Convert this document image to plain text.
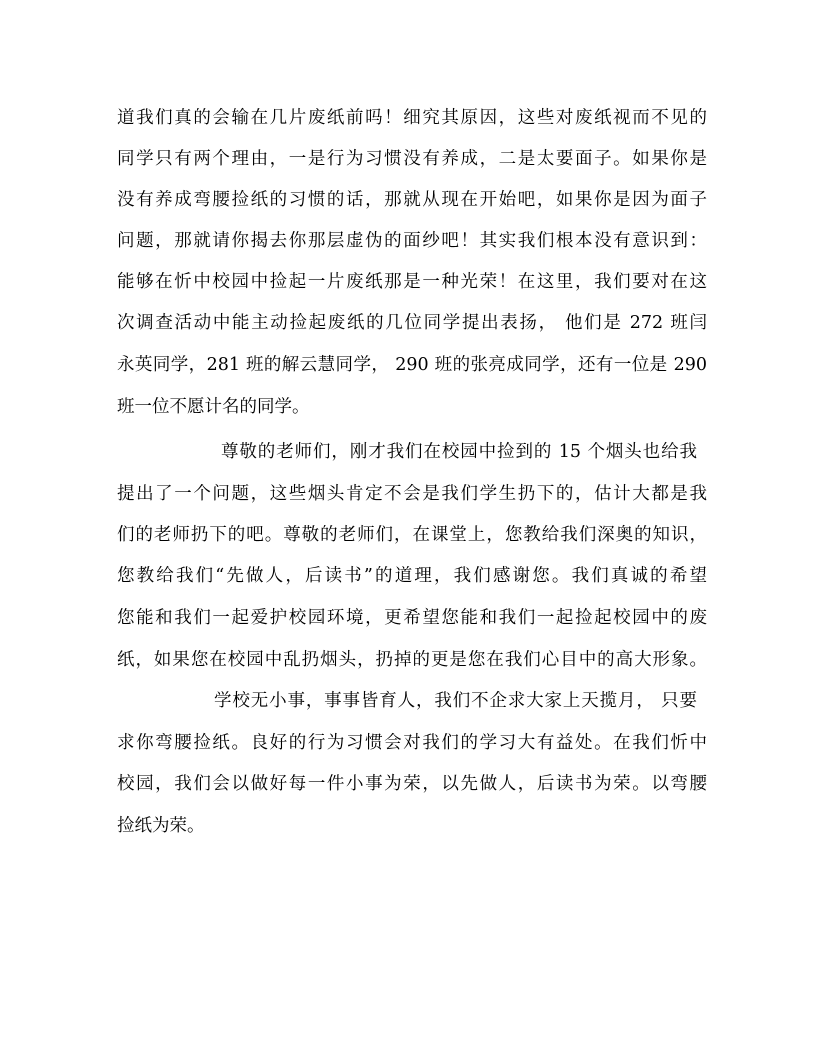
道我们真的会输在几片废纸前吗！细究其原因，这些对废纸视而不见的
同学只有两个理由，一是行为习惯没有养成，二是太要面子。如果你是
没有养成弯腰捡纸的习惯的话，那就从现在开始吧，如果你是因为面子
问题，那就请你揭去你那层虚伪的面纱吧！其实我们根本没有意识到：
能够在忻中校园中捡起一片废纸那是一种光荣！在这里，我们要对在这
次调查活动中能主动捡起废纸的几位同学提出表扬， 他们是 272 班闫
永英同学，281 班的解云慧同学， 290 班的张亮成同学，还有一位是 290
班一位不愿计名的同学。
尊敬的老师们，刚才我们在校园中捡到的 15 个烟头也给我
提出了一个问题，这些烟头肯定不会是我们学生扔下的，估计大都是我
们的老师扔下的吧。尊敬的老师们，在课堂上，您教给我们深奥的知识，
您教给我们“先做人，后读书”的道理，我们感谢您。我们真诚的希望
您能和我们一起爱护校园环境，更希望您能和我们一起捡起校园中的废
纸，如果您在校园中乱扔烟头，扔掉的更是您在我们心目中的高大形象。
学校无小事，事事皆育人，我们不企求大家上天揽月， 只要
求你弯腰捡纸。良好的行为习惯会对我们的学习大有益处。在我们忻中
校园，我们会以做好每一件小事为荣，以先做人，后读书为荣。以弯腰
捡纸为荣。
